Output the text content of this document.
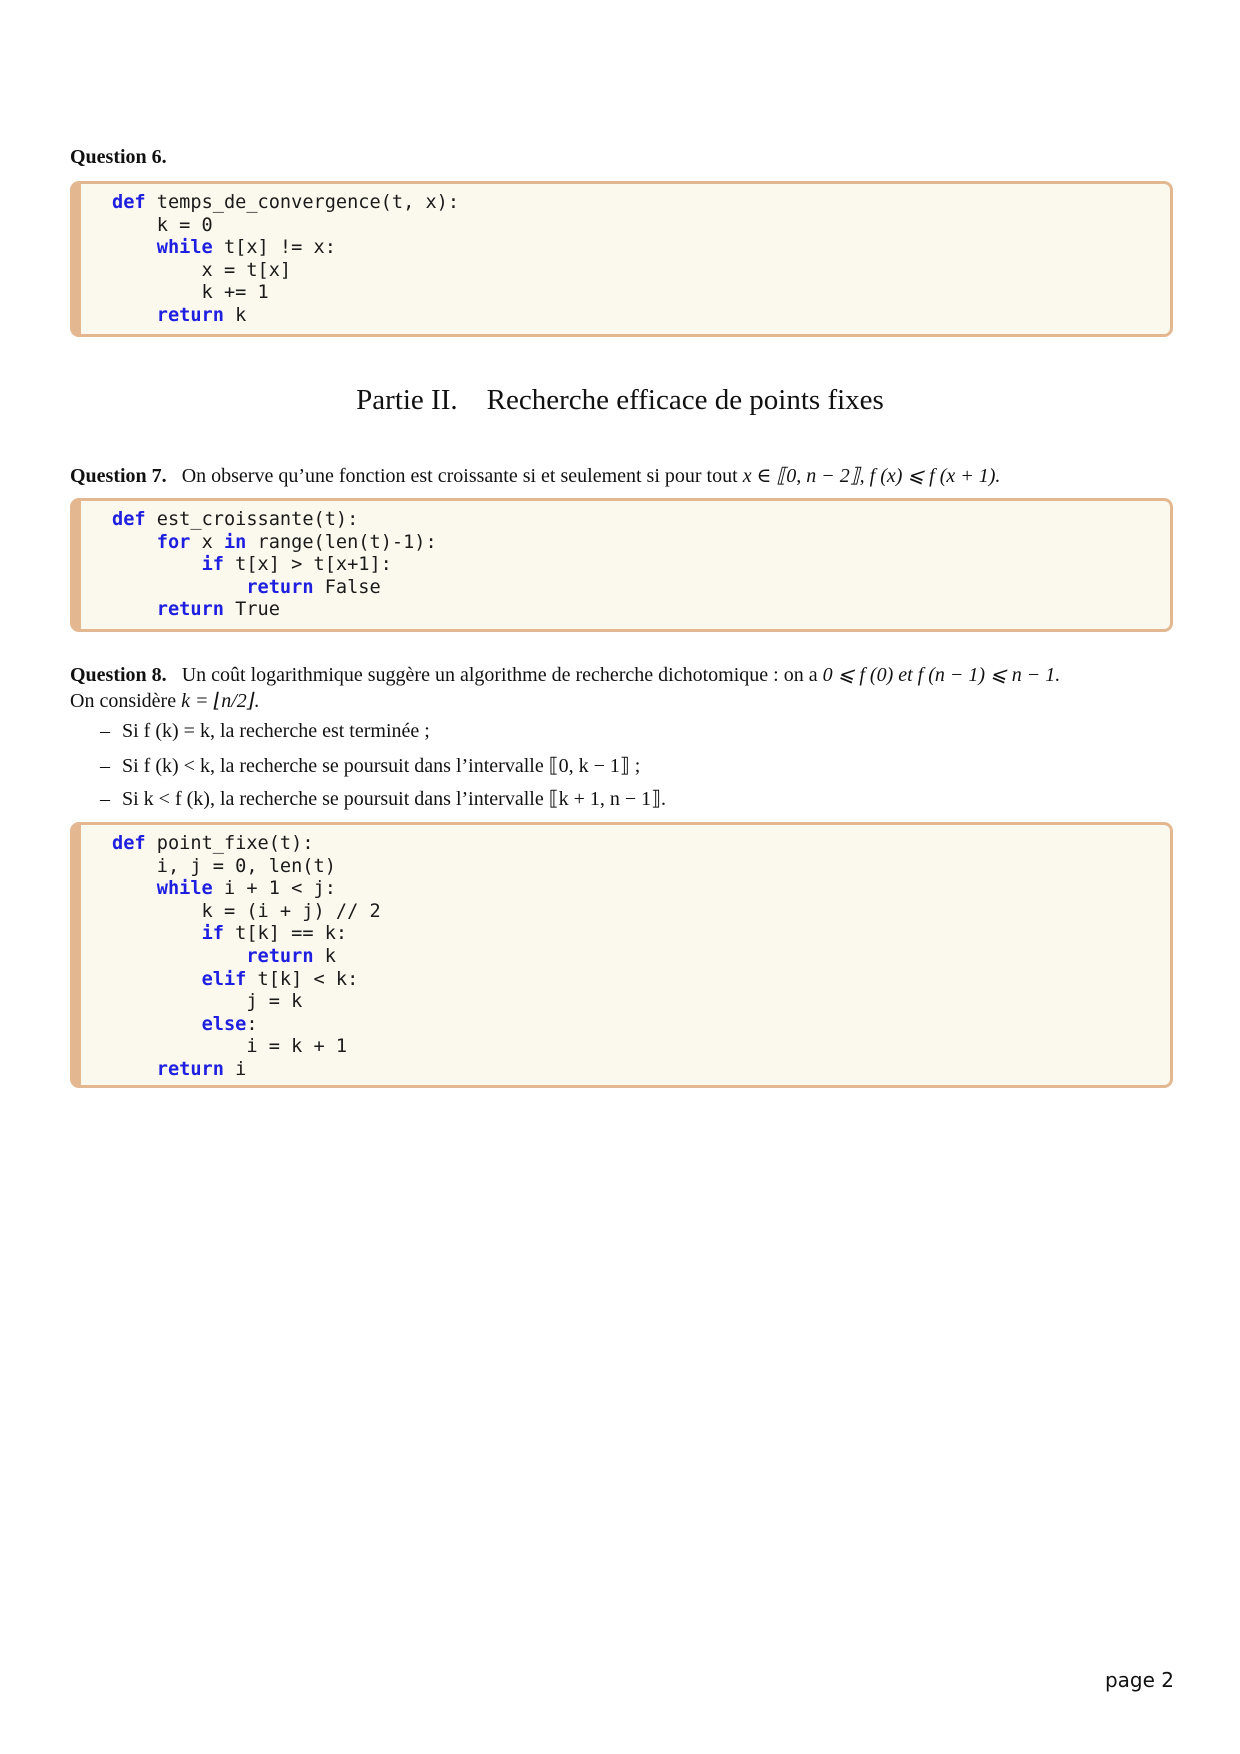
Question 6.
def temps_de_convergence(t, x):
k = 0
while t[x] != x:
x = t[x]
k += 1
return k
Partie II. Recherche efficace de points fixes
Question 7. On observe qu’une fonction est croissante si et seulement si pour tout x ∈ ⟦0, n − 2⟧, f (x) ⩽ f (x + 1).
def est_croissante(t):
for x in range(len(t)-1):
if t[x] > t[x+1]:
return False
return True
Question 8. Un coût logarithmique suggère un algorithme de recherche dichotomique : on a 0 ⩽ f (0) et f (n − 1) ⩽ n − 1.
On considère k = ⌊n/2⌋.
– Si f (k) = k, la recherche est terminée ;
– Si f (k) < k, la recherche se poursuit dans l’intervalle ⟦0, k − 1⟧ ;
– Si k < f (k), la recherche se poursuit dans l’intervalle ⟦k + 1, n − 1⟧.
def point_fixe(t):
i, j = 0, len(t)
while i + 1 < j:
k = (i + j) // 2
if t[k] == k:
return k
elif t[k] < k:
j = k
else:
i = k + 1
return i
page 2
